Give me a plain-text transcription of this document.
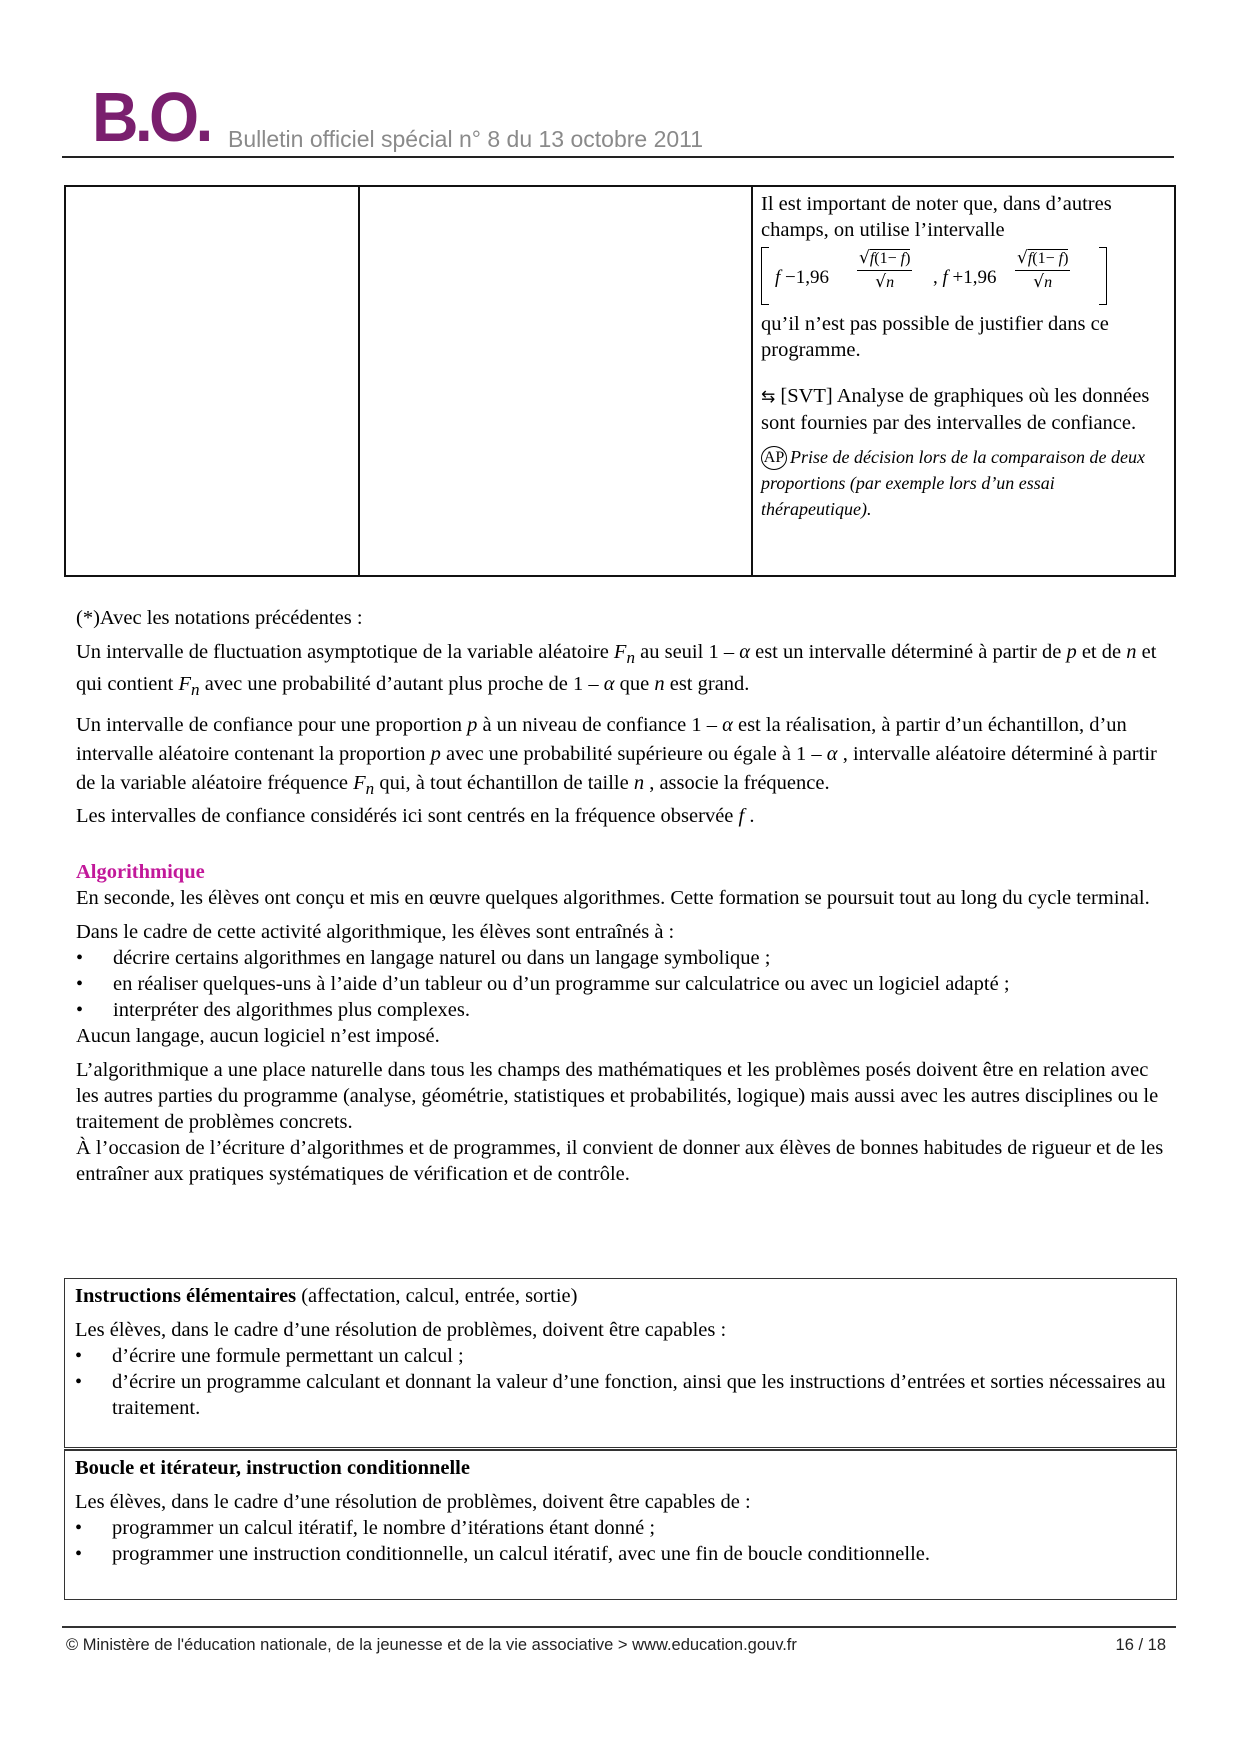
B.O. Bulletin officiel spécial n° 8 du 13 octobre 2011

Il est important de noter que, dans d’autres champs, on utilise l’intervalle

$f -1,96 \frac{√f(1- f)}{√n}$ , $f +1,96 \frac{√f(1- f)}{√n}$

qu’il n’est pas possible de justifier dans ce programme.

⇆ [SVT] Analyse de graphiques où les données sont fournies par des intervalles de confiance.

AP Prise de décision lors de la comparaison de deux proportions (par exemple lors d’un essai thérapeutique).

(*)Avec les notations précédentes :

Un intervalle de fluctuation asymptotique de la variable aléatoire $F_n$ au seuil 1 – α est un intervalle déterminé à partir de p et de n et qui contient $F_n$ avec une probabilité d’autant plus proche de 1 – α que n est grand.

Un intervalle de confiance pour une proportion p à un niveau de confiance 1 – α est la réalisation, à partir d’un échantillon, d’un intervalle aléatoire contenant la proportion p avec une probabilité supérieure ou égale à 1 – α , intervalle aléatoire déterminé à partir de la variable aléatoire fréquence $F_n$ qui, à tout échantillon de taille n , associe la fréquence.

Les intervalles de confiance considérés ici sont centrés en la fréquence observée f .

Algorithmique

En seconde, les élèves ont conçu et mis en œuvre quelques algorithmes. Cette formation se poursuit tout au long du cycle terminal.

Dans le cadre de cette activité algorithmique, les élèves sont entraînés à :

• décrire certains algorithmes en langage naturel ou dans un langage symbolique ;
• en réaliser quelques-uns à l’aide d’un tableur ou d’un programme sur calculatrice ou avec un logiciel adapté ;
• interpréter des algorithmes plus complexes.

Aucun langage, aucun logiciel n’est imposé.

L’algorithmique a une place naturelle dans tous les champs des mathématiques et les problèmes posés doivent être en relation avec les autres parties du programme (analyse, géométrie, statistiques et probabilités, logique) mais aussi avec les autres disciplines ou le traitement de problèmes concrets.

À l’occasion de l’écriture d’algorithmes et de programmes, il convient de donner aux élèves de bonnes habitudes de rigueur et de les entraîner aux pratiques systématiques de vérification et de contrôle.

Instructions élémentaires (affectation, calcul, entrée, sortie)

Les élèves, dans le cadre d’une résolution de problèmes, doivent être capables :

• d’écrire une formule permettant un calcul ;
• d’écrire un programme calculant et donnant la valeur d’une fonction, ainsi que les instructions d’entrées et sorties nécessaires au traitement.

Boucle et itérateur, instruction conditionnelle

Les élèves, dans le cadre d’une résolution de problèmes, doivent être capables de :

• programmer un calcul itératif, le nombre d’itérations étant donné ;
• programmer une instruction conditionnelle, un calcul itératif, avec une fin de boucle conditionnelle.
© Ministère de l'éducation nationale, de la jeunesse et de la vie associative > www.education.gouv.fr	16 / 18
